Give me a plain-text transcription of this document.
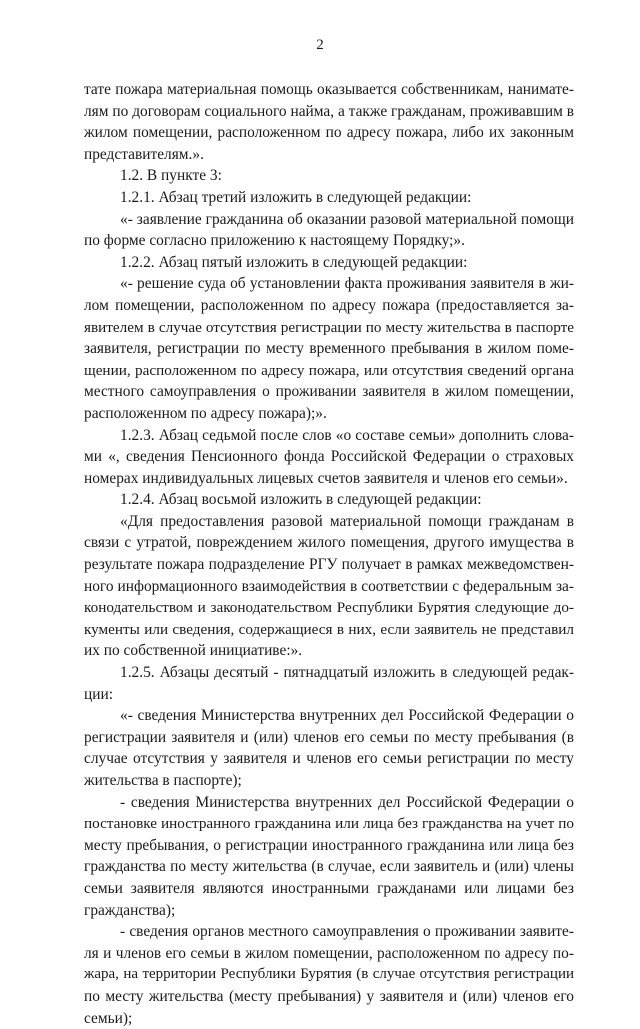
2
тате пожара материальная помощь оказывается собственникам, нанимате-
лям по договорам социального найма, а также гражданам, проживавшим в
жилом помещении, расположенном по адресу пожара, либо их законным
представителям.».
1.2. В пункте 3:
1.2.1. Абзац третий изложить в следующей редакции:
«- заявление гражданина об оказании разовой материальной помощи
по форме согласно приложению к настоящему Порядку;».
1.2.2. Абзац пятый изложить в следующей редакции:
«- решение суда об установлении факта проживания заявителя в жи-
лом помещении, расположенном по адресу пожара (предоставляется за-
явителем в случае отсутствия регистрации по месту жительства в паспорте
заявителя, регистрации по месту временного пребывания в жилом поме-
щении, расположенном по адресу пожара, или отсутствия сведений органа
местного самоуправления о проживании заявителя в жилом помещении,
расположенном по адресу пожара);».
1.2.3. Абзац седьмой после слов «о составе семьи» дополнить слова-
ми «, сведения Пенсионного фонда Российской Федерации о страховых
номерах индивидуальных лицевых счетов заявителя и членов его семьи».
1.2.4. Абзац восьмой изложить в следующей редакции:
«Для предоставления разовой материальной помощи гражданам в
связи с утратой, повреждением жилого помещения, другого имущества в
результате пожара подразделение РГУ получает в рамках межведомствен-
ного информационного взаимодействия в соответствии с федеральным за-
конодательством и законодательством Республики Бурятия следующие до-
кументы или сведения, содержащиеся в них, если заявитель не представил
их по собственной инициативе:».
1.2.5. Абзацы десятый - пятнадцатый изложить в следующей редак-
ции:
«- сведения Министерства внутренних дел Российской Федерации о
регистрации заявителя и (или) членов его семьи по месту пребывания (в
случае отсутствия у заявителя и членов его семьи регистрации по месту
жительства в паспорте);
- сведения Министерства внутренних дел Российской Федерации о
постановке иностранного гражданина или лица без гражданства на учет по
месту пребывания, о регистрации иностранного гражданина или лица без
гражданства по месту жительства (в случае, если заявитель и (или) члены
семьи заявителя являются иностранными гражданами или лицами без
гражданства);
- сведения органов местного самоуправления о проживании заявите-
ля и членов его семьи в жилом помещении, расположенном по адресу по-
жара, на территории Республики Бурятия (в случае отсутствия регистрации
по месту жительства (месту пребывания) у заявителя и (или) членов его
семьи);
